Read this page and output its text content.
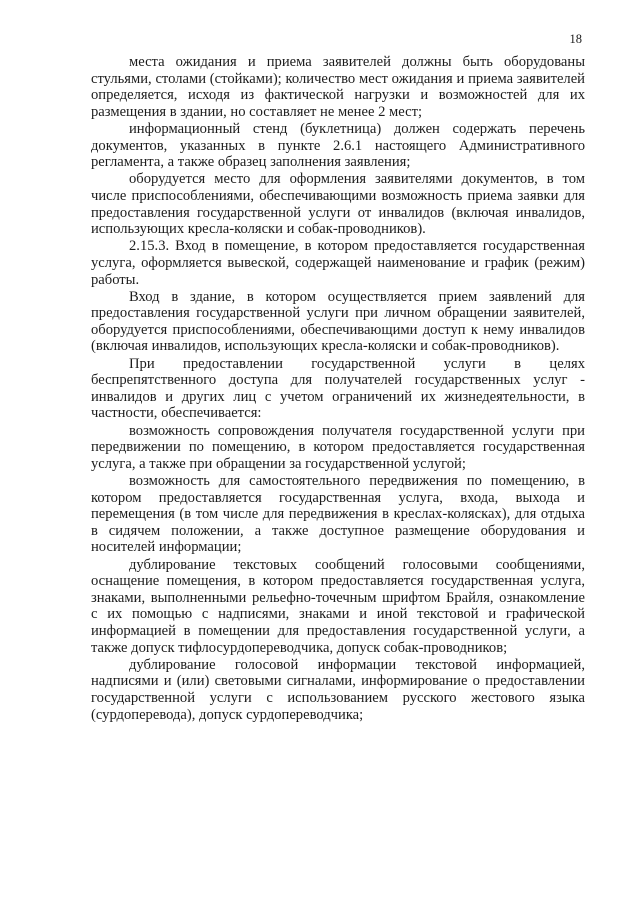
18

места ожидания и приема заявителей должны быть оборудованы стульями, столами (стойками); количество мест ожидания и приема заявителей определяется, исходя из фактической нагрузки и возможностей для их размещения в здании, но составляет не менее 2 мест;

информационный стенд (буклетница) должен содержать перечень документов, указанных в пункте 2.6.1 настоящего Административного регламента, а также образец заполнения заявления;

оборудуется место для оформления заявителями документов, в том числе приспособлениями, обеспечивающими возможность приема заявки для предоставления государственной услуги от инвалидов (включая инвалидов, использующих кресла-коляски и собак-проводников).

2.15.3. Вход в помещение, в котором предоставляется государственная услуга, оформляется вывеской, содержащей наименование и график (режим) работы.

Вход в здание, в котором осуществляется прием заявлений для предоставления государственной услуги при личном обращении заявителей, оборудуется приспособлениями, обеспечивающими доступ к нему инвалидов (включая инвалидов, использующих кресла-коляски и собак-проводников).

При предоставлении государственной услуги в целях беспрепятственного доступа для получателей государственных услуг - инвалидов и других лиц с учетом ограничений их жизнедеятельности, в частности, обеспечивается:

возможность сопровождения получателя государственной услуги при передвижении по помещению, в котором предоставляется государственная услуга, а также при обращении за государственной услугой;

возможность для самостоятельного передвижения по помещению, в котором предоставляется государственная услуга, входа, выхода и перемещения (в том числе для передвижения в креслах-колясках), для отдыха в сидячем положении, а также доступное размещение оборудования и носителей информации;

дублирование текстовых сообщений голосовыми сообщениями, оснащение помещения, в котором предоставляется государственная услуга, знаками, выполненными рельефно-точечным шрифтом Брайля, ознакомление с их помощью с надписями, знаками и иной текстовой и графической информацией в помещении для предоставления государственной услуги, а также допуск тифлосурдопереводчика, допуск собак-проводников;

дублирование голосовой информации текстовой информацией, надписями и (или) световыми сигналами, информирование о предоставлении государственной услуги с использованием русского жестового языка (сурдоперевода), допуск сурдопереводчика;
